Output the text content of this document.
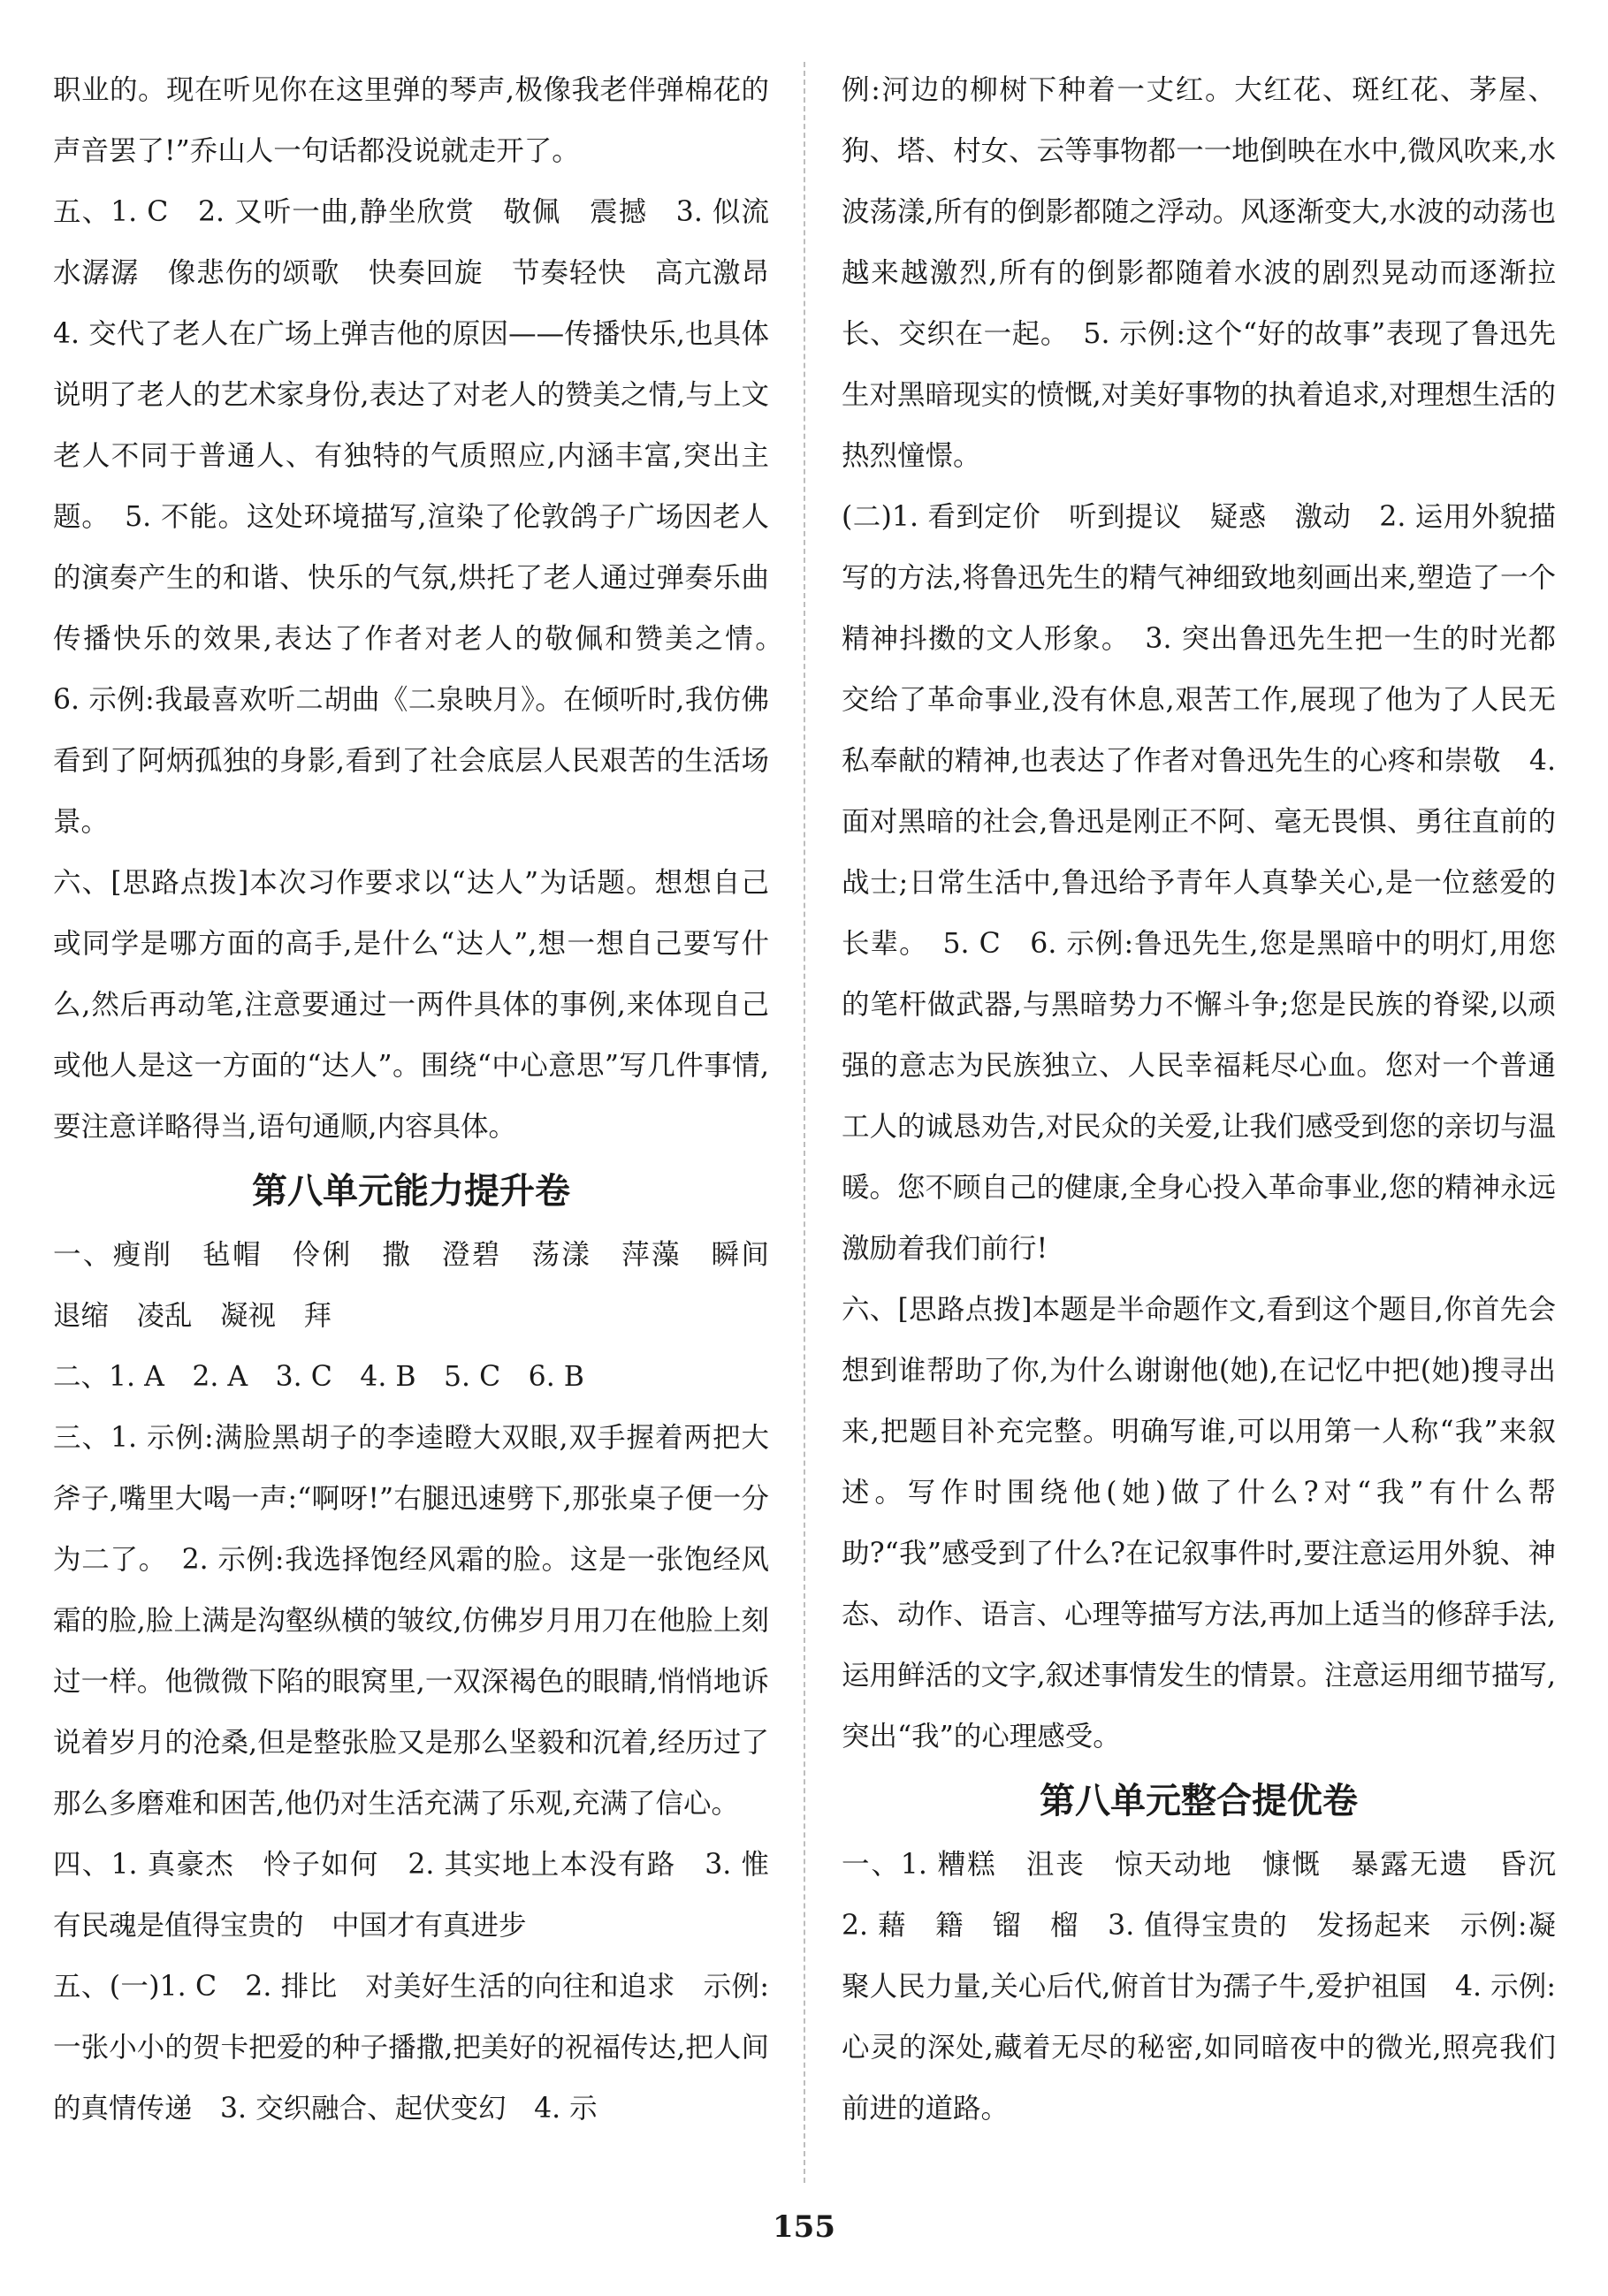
职业的。现在听见你在这里弹的琴声,极像我老伴弹棉花的声音罢了!”乔山人一句话都没说就走开了。

五、1. C　2. 又听一曲,静坐欣赏　敬佩　震撼　3. 似流水潺潺　像悲伤的颂歌　快奏回旋　节奏轻快　高亢激昂　4. 交代了老人在广场上弹吉他的原因——传播快乐,也具体说明了老人的艺术家身份,表达了对老人的赞美之情,与上文老人不同于普通人、有独特的气质照应,内涵丰富,突出主题。　5. 不能。这处环境描写,渲染了伦敦鸽子广场因老人的演奏产生的和谐、快乐的气氛,烘托了老人通过弹奏乐曲传播快乐的效果,表达了作者对老人的敬佩和赞美之情。　6. 示例:我最喜欢听二胡曲《二泉映月》。在倾听时,我仿佛看到了阿炳孤独的身影,看到了社会底层人民艰苦的生活场景。

六、[思路点拨]本次习作要求以“达人”为话题。想想自己或同学是哪方面的高手,是什么“达人”,想一想自己要写什么,然后再动笔,注意要通过一两件具体的事例,来体现自己或他人是这一方面的“达人”。围绕“中心意思”写几件事情,要注意详略得当,语句通顺,内容具体。

第八单元能力提升卷

一、瘦削　毡帽　伶俐　撒　澄碧　荡漾　萍藻　瞬间　退缩　凌乱　凝视　拜

二、1. A　2. A　3. C　4. B　5. C　6. B

三、1. 示例:满脸黑胡子的李逵瞪大双眼,双手握着两把大斧子,嘴里大喝一声:“啊呀!”右腿迅速劈下,那张桌子便一分为二了。　2. 示例:我选择饱经风霜的脸。这是一张饱经风霜的脸,脸上满是沟壑纵横的皱纹,仿佛岁月用刀在他脸上刻过一样。他微微下陷的眼窝里,一双深褐色的眼睛,悄悄地诉说着岁月的沧桑,但是整张脸又是那么坚毅和沉着,经历过了那么多磨难和困苦,他仍对生活充满了乐观,充满了信心。

四、1. 真豪杰　怜子如何　2. 其实地上本没有路　3. 惟有民魂是值得宝贵的　中国才有真进步

五、(一)1. C　2. 排比　对美好生活的向往和追求　示例:一张小小的贺卡把爱的种子播撒,把美好的祝福传达,把人间的真情传递　3. 交织融合、起伏变幻　4. 示

例:河边的柳树下种着一丈红。大红花、斑红花、茅屋、狗、塔、村女、云等事物都一一地倒映在水中,微风吹来,水波荡漾,所有的倒影都随之浮动。风逐渐变大,水波的动荡也越来越激烈,所有的倒影都随着水波的剧烈晃动而逐渐拉长、交织在一起。　5. 示例:这个“好的故事”表现了鲁迅先生对黑暗现实的愤慨,对美好事物的执着追求,对理想生活的热烈憧憬。

(二)1. 看到定价　听到提议　疑惑　激动　2. 运用外貌描写的方法,将鲁迅先生的精气神细致地刻画出来,塑造了一个精神抖擞的文人形象。　3. 突出鲁迅先生把一生的时光都交给了革命事业,没有休息,艰苦工作,展现了他为了人民无私奉献的精神,也表达了作者对鲁迅先生的心疼和崇敬　4. 面对黑暗的社会,鲁迅是刚正不阿、毫无畏惧、勇往直前的战士;日常生活中,鲁迅给予青年人真挚关心,是一位慈爱的长辈。　5. C　6. 示例:鲁迅先生,您是黑暗中的明灯,用您的笔杆做武器,与黑暗势力不懈斗争;您是民族的脊梁,以顽强的意志为民族独立、人民幸福耗尽心血。您对一个普通工人的诚恳劝告,对民众的关爱,让我们感受到您的亲切与温暖。您不顾自己的健康,全身心投入革命事业,您的精神永远激励着我们前行!

六、[思路点拨]本题是半命题作文,看到这个题目,你首先会想到谁帮助了你,为什么谢谢他(她),在记忆中把(她)搜寻出来,把题目补充完整。明确写谁,可以用第一人称“我”来叙述。写作时围绕他(她)做了什么?对“我”有什么帮助?“我”感受到了什么?在记叙事件时,要注意运用外貌、神态、动作、语言、心理等描写方法,再加上适当的修辞手法,运用鲜活的文字,叙述事情发生的情景。注意运用细节描写,突出“我”的心理感受。

第八单元整合提优卷

一、1. 糟糕　沮丧　惊天动地　慷慨　暴露无遗　昏沉　2. 藉　籍　镏　榴　3. 值得宝贵的　发扬起来　示例:凝聚人民力量,关心后代,俯首甘为孺子牛,爱护祖国　4. 示例:心灵的深处,藏着无尽的秘密,如同暗夜中的微光,照亮我们前进的道路。

155
